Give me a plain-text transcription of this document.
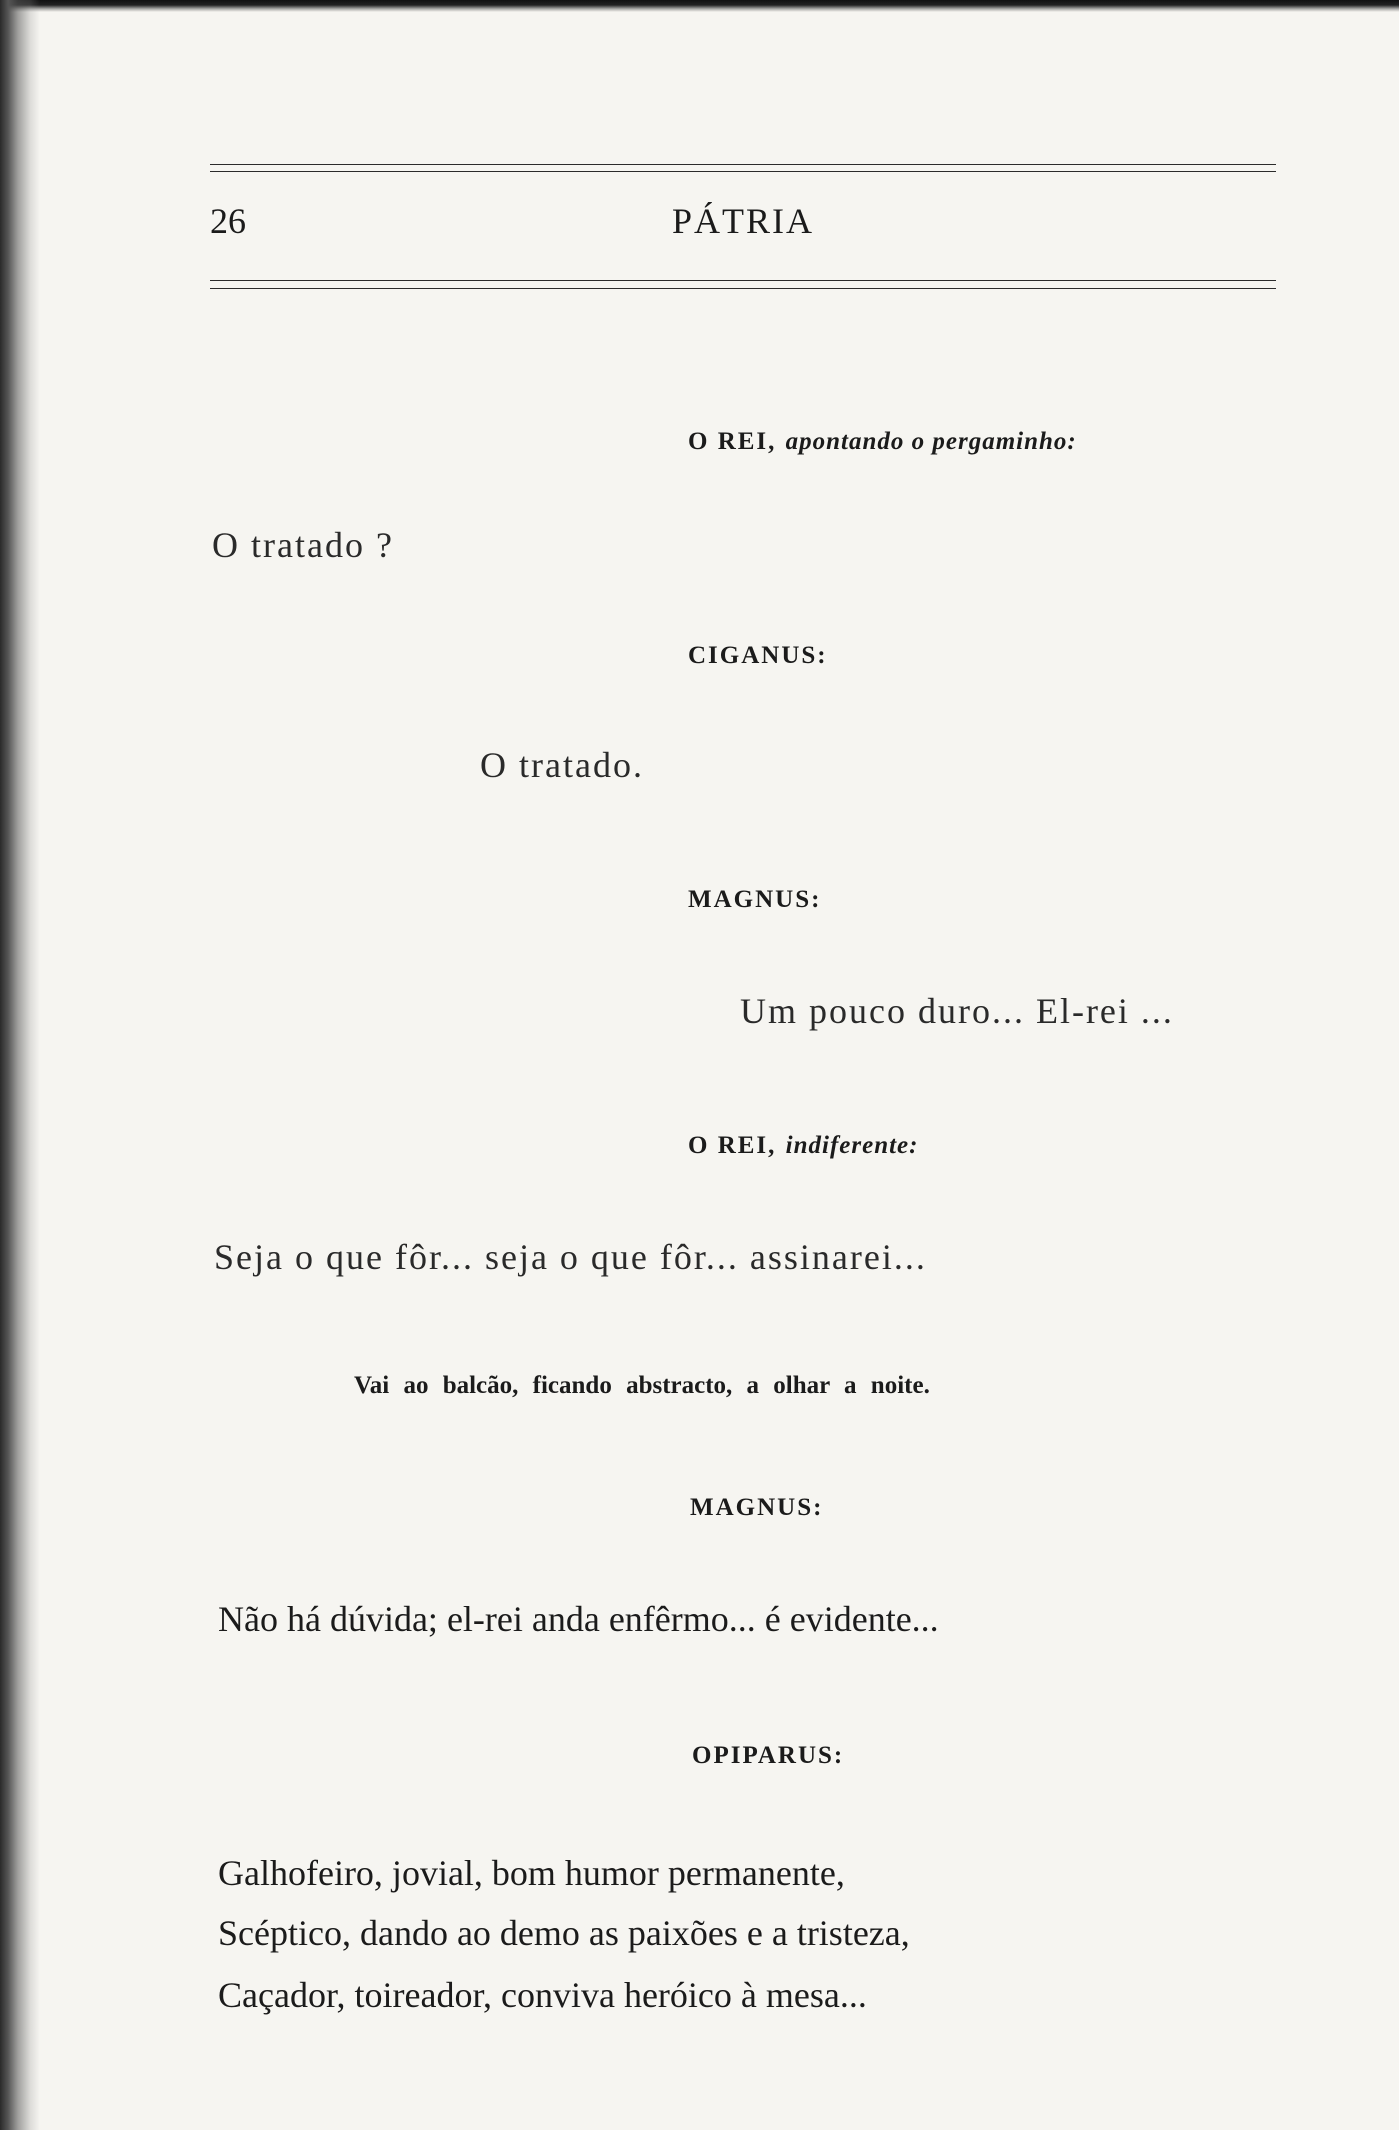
26	PÁTRIA
O REI, apontando o pergaminho:
O tratado ?
CIGANUS:
O tratado.
MAGNUS:
Um pouco duro... El-rei ...
O REI, indiferente:
Seja o que fôr... seja o que fôr... assinarei...
Vai ao balcão, ficando abstracto, a olhar a noite.
MAGNUS:
Não há dúvida; el-rei anda enfêrmo... é evidente...
OPIPARUS:
Galhofeiro, jovial, bom humor permanente,
Scéptico, dando ao demo as paixões e a tristeza,
Caçador, toireador, conviva heróico à mesa...
